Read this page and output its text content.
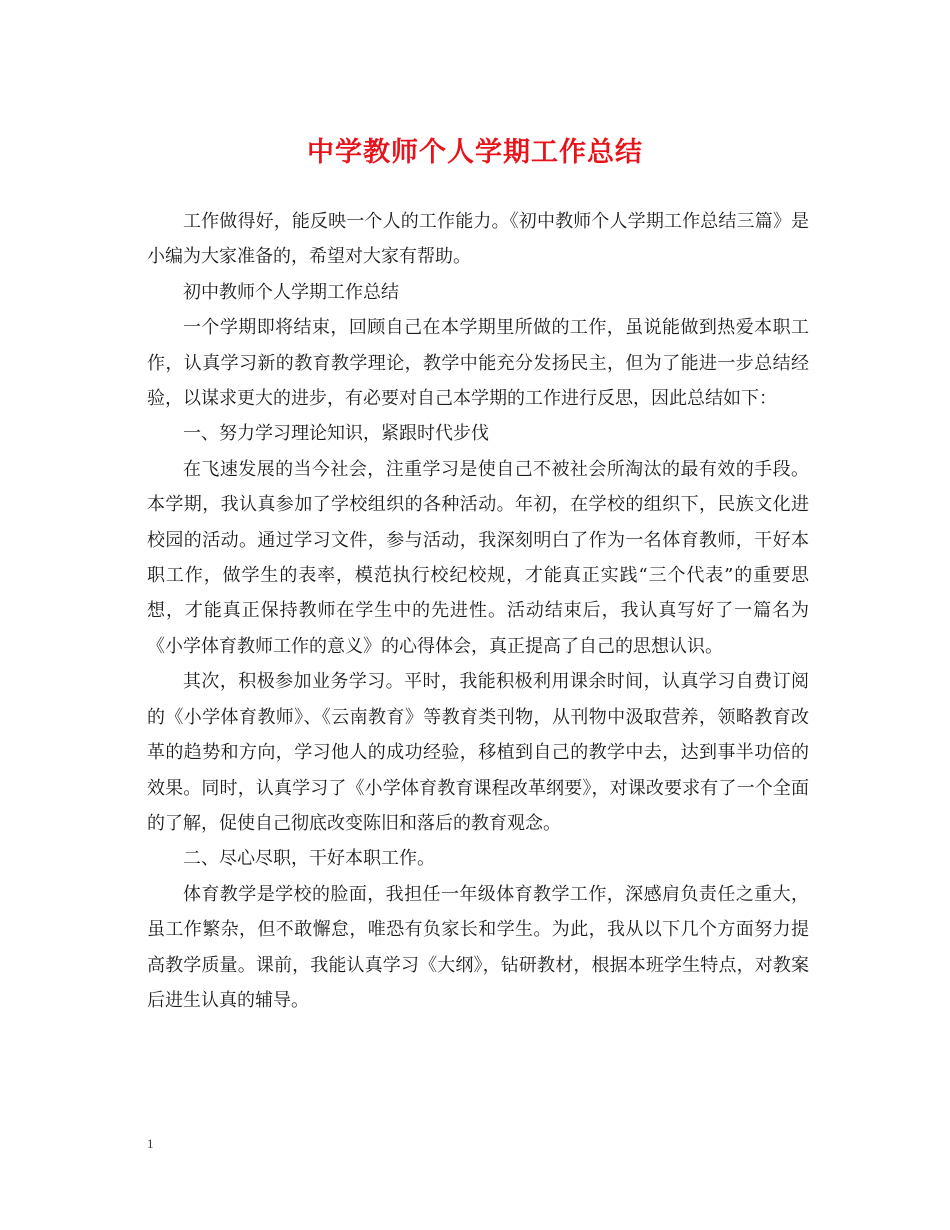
中学教师个人学期工作总结

工作做得好，能反映一个人的工作能力。《初中教师个人学期工作总结三篇》是小编为大家准备的，希望对大家有帮助。

初中教师个人学期工作总结

一个学期即将结束，回顾自己在本学期里所做的工作，虽说能做到热爱本职工作，认真学习新的教育教学理论，教学中能充分发扬民主，但为了能进一步总结经验，以谋求更大的进步，有必要对自己本学期的工作进行反思，因此总结如下：

一、努力学习理论知识，紧跟时代步伐

在飞速发展的当今社会，注重学习是使自己不被社会所淘汰的最有效的手段。本学期，我认真参加了学校组织的各种活动。年初，在学校的组织下，民族文化进校园的活动。通过学习文件，参与活动，我深刻明白了作为一名体育教师，干好本职工作，做学生的表率，模范执行校纪校规，才能真正实践“三个代表”的重要思想，才能真正保持教师在学生中的先进性。活动结束后，我认真写好了一篇名为《小学体育教师工作的意义》的心得体会，真正提高了自己的思想认识。

其次，积极参加业务学习。平时，我能积极利用课余时间，认真学习自费订阅的《小学体育教师》、《云南教育》等教育类刊物，从刊物中汲取营养，领略教育改革的趋势和方向，学习他人的成功经验，移植到自己的教学中去，达到事半功倍的效果。同时，认真学习了《小学体育教育课程改革纲要》，对课改要求有了一个全面的了解，促使自己彻底改变陈旧和落后的教育观念。

二、尽心尽职，干好本职工作。

体育教学是学校的脸面，我担任一年级体育教学工作，深感肩负责任之重大，虽工作繁杂，但不敢懈怠，唯恐有负家长和学生。为此，我从以下几个方面努力提高教学质量。课前，我能认真学习《大纲》，钻研教材，根据本班学生特点，对教案后进生认真的辅导。

1
